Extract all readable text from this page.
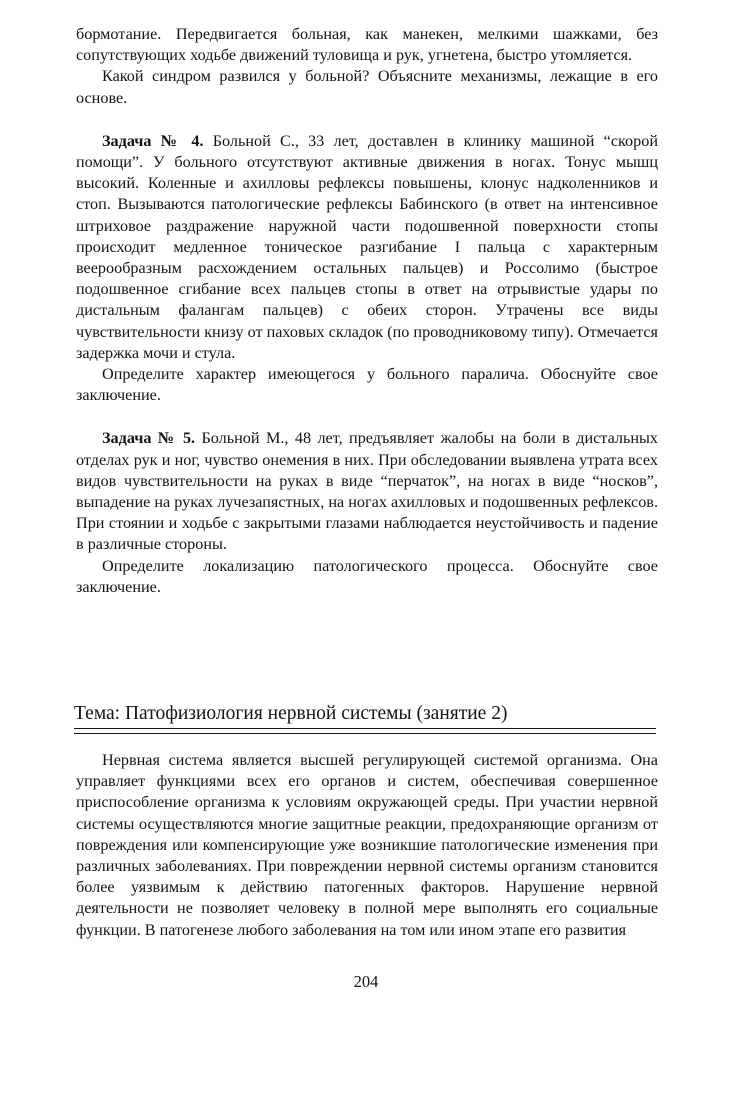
бормотание. Передвигается больная, как манекен, мелкими шажками, без сопутствующих ходьбе движений туловища и рук, угнетена, быстро утомляется.

Какой синдром развился у больной? Объясните механизмы, лежащие в его основе.

Задача № 4. Больной С., 33 лет, доставлен в клинику машиной “скорой помощи”. У больного отсутствуют активные движения в ногах. Тонус мышц высокий. Коленные и ахилловы рефлексы повышены, клонус надколенников и стоп. Вызываются патологические рефлексы Бабинского (в ответ на интенсивное штриховое раздражение наружной части подошвенной поверхности стопы происходит медленное тоническое разгибание I пальца с характерным веерообразным расхождением остальных пальцев) и Россолимо (быстрое подошвенное сгибание всех пальцев стопы в ответ на отрывистые удары по дистальным фалангам пальцев) с обеих сторон. Утрачены все виды чувствительности книзу от паховых складок (по проводниковому типу). Отмечается задержка мочи и стула.

Определите характер имеющегося у больного паралича. Обоснуйте свое заключение.

Задача № 5. Больной М., 48 лет, предъявляет жалобы на боли в дистальных отделах рук и ног, чувство онемения в них. При обследовании выявлена утрата всех видов чувствительности на руках в виде “перчаток”, на ногах в виде “носков”, выпадение на руках лучезапястных, на ногах ахилловых и подошвенных рефлексов. При стоянии и ходьбе с закрытыми глазами наблюдается неустойчивость и падение в различные стороны.

Определите локализацию патологического процесса. Обоснуйте свое заключение.

Тема: Патофизиология нервной системы (занятие 2)

Нервная система является высшей регулирующей системой организма. Она управляет функциями всех его органов и систем, обеспечивая совершенное приспособление организма к условиям окружающей среды. При участии нервной системы осуществляются многие защитные реакции, предохраняющие организм от повреждения или компенсирующие уже возникшие патологические изменения при различных заболеваниях. При повреждении нервной системы организм становится более уязвимым к действию патогенных факторов. Нарушение нервной деятельности не позволяет человеку в полной мере выполнять его социальные функции. В патогенезе любого заболевания на том или ином этапе его развития

204
